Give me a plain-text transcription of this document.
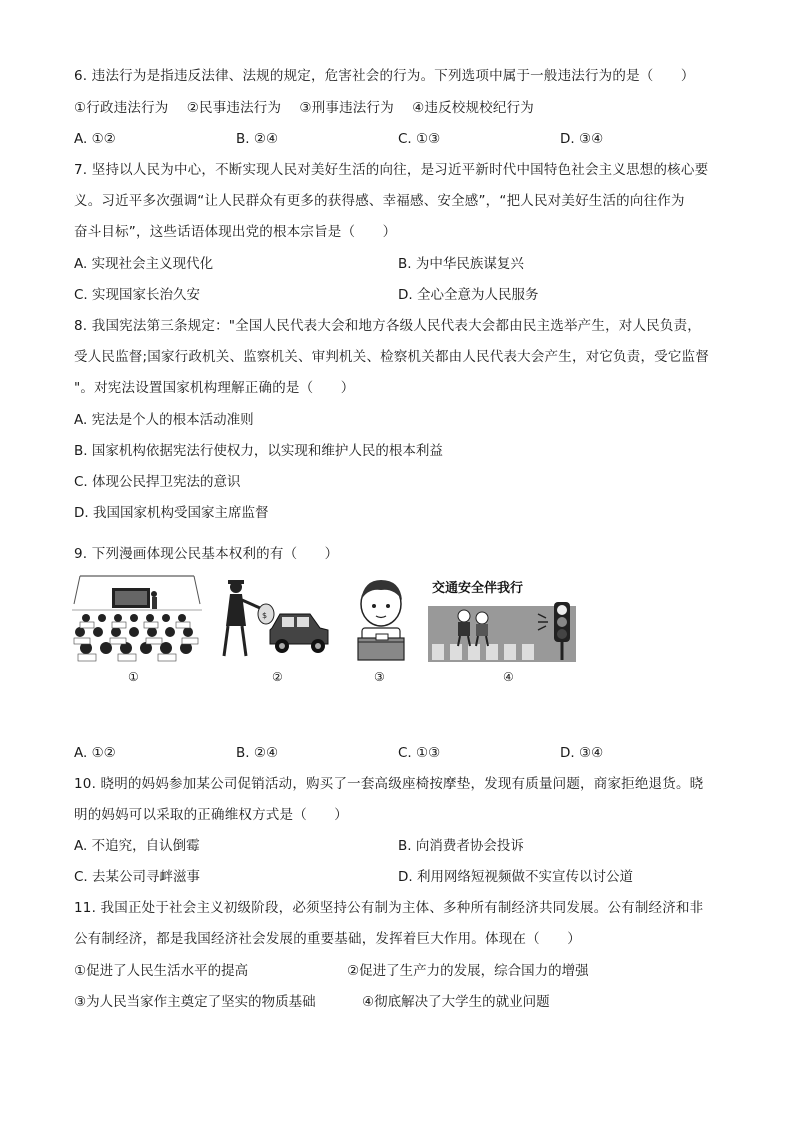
6. 违法行为是指违反法律、法规的规定，危害社会的行为。下列选项中属于一般违法行为的是（　　）
①行政违法行为　 ②民事违法行为　 ③刑事违法行为　 ④违反校规校纪行为
A. ①②	B. ②④	C. ①③	D. ③④
7. 坚持以人民为中心，不断实现人民对美好生活的向往，是习近平新时代中国特色社会主义思想的核心要
义。习近平多次强调“让人民群众有更多的获得感、幸福感、安全感”，“把人民对美好生活的向往作为
奋斗目标”，这些话语体现出党的根本宗旨是（　　）
A. 实现社会主义现代化	B. 为中华民族谋复兴
C. 实现国家长治久安	D. 全心全意为人民服务
8. 我国宪法第三条规定："全国人民代表大会和地方各级人民代表大会都由民主选举产生，对人民负责，
受人民监督;国家行政机关、监察机关、审判机关、检察机关都由人民代表大会产生，对它负责，受它监督
"。对宪法设置国家机构理解正确的是（　　）
A. 宪法是个人的根本活动准则
B. 国家机构依据宪法行使权力，以实现和维护人民的根本利益
C. 体现公民捍卫宪法的意识
D. 我国国家机构受国家主席监督
9. 下列漫画体现公民基本权利的有（　　）
①
$
②	③
交通安全伴我行
④
A. ①②	B. ②④	C. ①③	D. ③④
10. 晓明的妈妈参加某公司促销活动，购买了一套高级座椅按摩垫，发现有质量问题，商家拒绝退货。晓
明的妈妈可以采取的正确维权方式是（　　）
A. 不追究，自认倒霉	B. 向消费者协会投诉
C. 去某公司寻衅滋事	D. 利用网络短视频做不实宣传以讨公道
11. 我国正处于社会主义初级阶段，必须坚持公有制为主体、多种所有制经济共同发展。公有制经济和非
公有制经济，都是我国经济社会发展的重要基础，发挥着巨大作用。体现在（　　）
①促进了人民生活水平的提高	②促进了生产力的发展，综合国力的增强
③为人民当家作主奠定了坚实的物质基础	④彻底解决了大学生的就业问题
